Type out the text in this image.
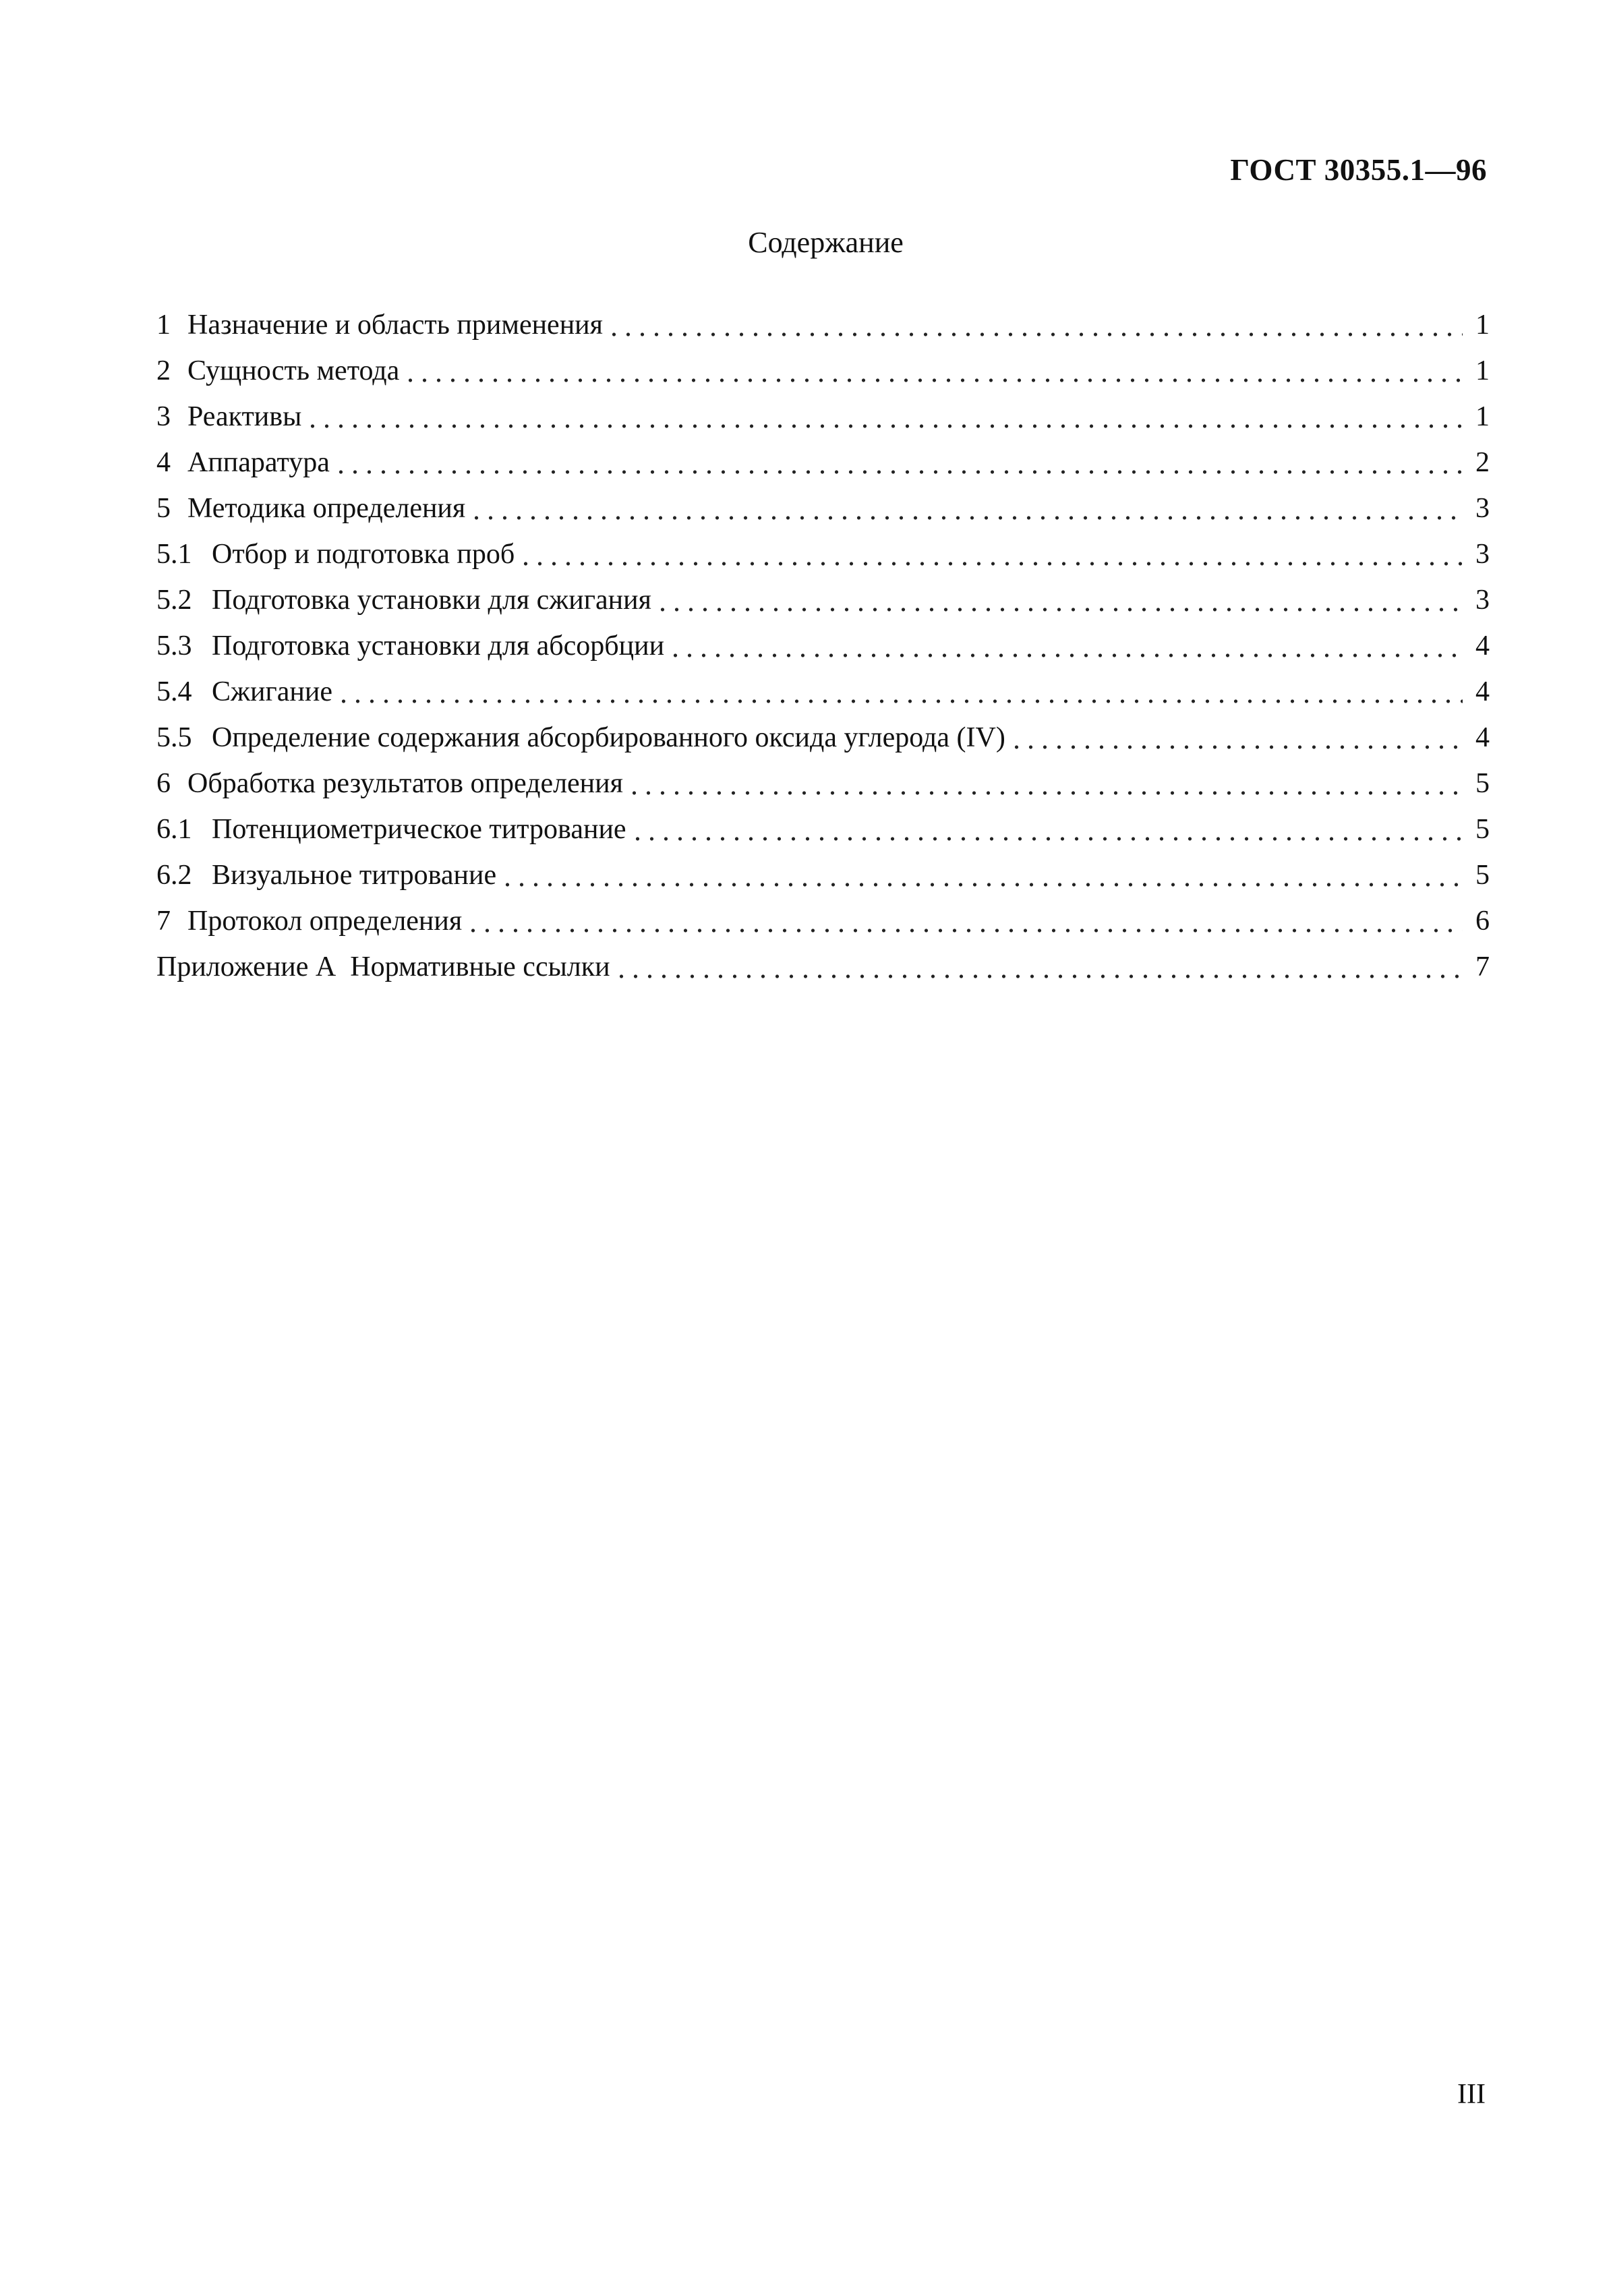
ГОСТ 30355.1—96
Содержание
1 Назначение и область применения	1
2 Сущность метода	1
3 Реактивы	1
4 Аппаратура	2
5 Методика определения	3
5.1 Отбор и подготовка проб	3
5.2 Подготовка установки для сжигания	3
5.3 Подготовка установки для абсорбции	4
5.4 Сжигание	4
5.5 Определение содержания абсорбированного оксида углерода (IV)	4
6 Обработка результатов определения	5
6.1 Потенциометрическое титрование	5
6.2 Визуальное титрование	5
7 Протокол определения	6
Приложение А Нормативные ссылки	7
III
